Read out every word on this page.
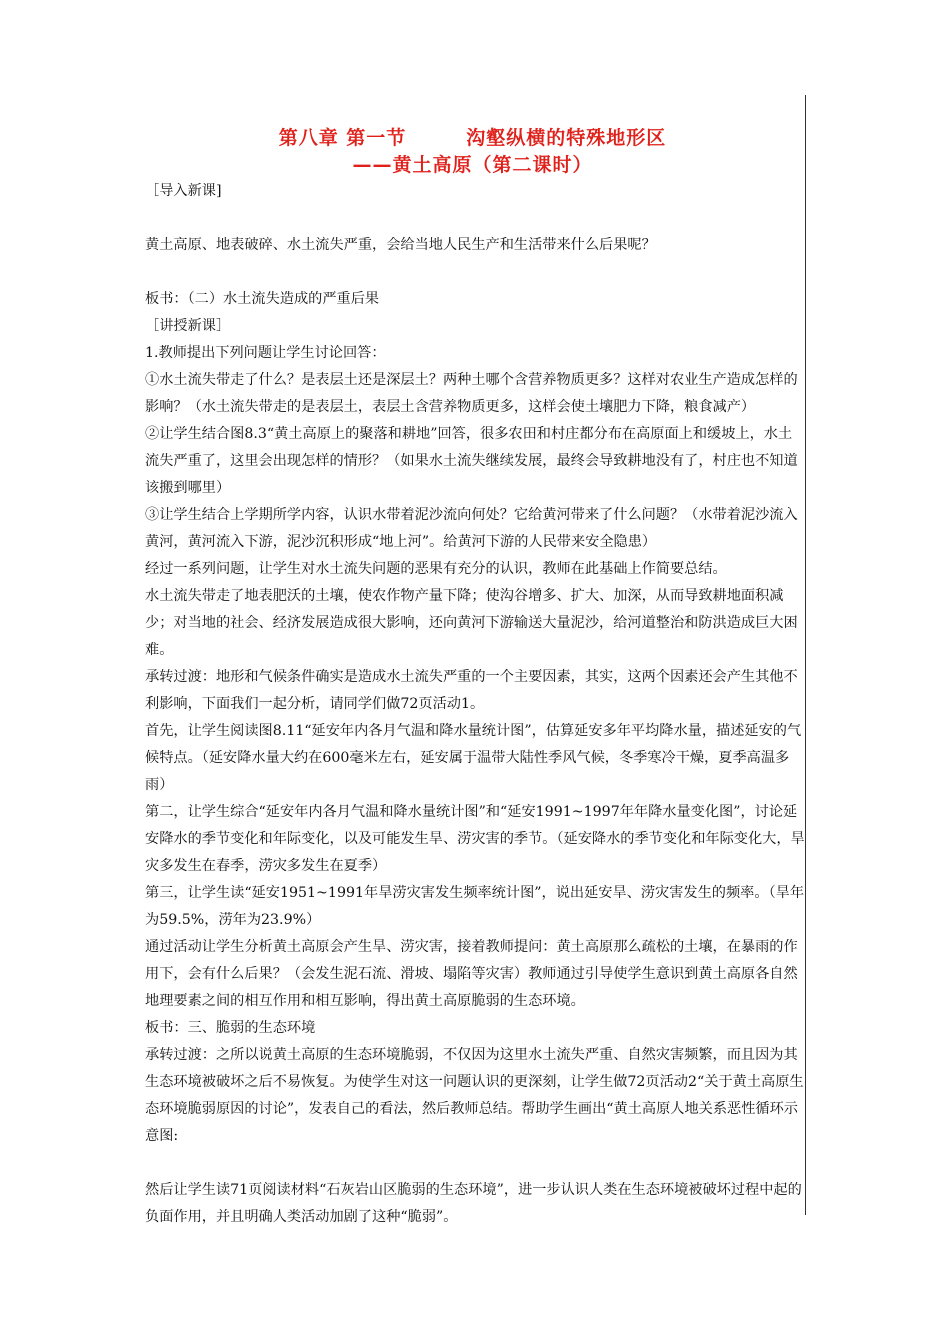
第八章 第一节　　　沟壑纵横的特殊地形区
——黄土高原（第二课时）

［导入新课]

黄土高原、地表破碎、水土流失严重，会给当地人民生产和生活带来什么后果呢？

板书：（二）水土流失造成的严重后果

［讲授新课］

1.教师提出下列问题让学生讨论回答：

①水土流失带走了什么？是表层土还是深层土？两种土哪个含营养物质更多？这样对农业生产造成怎样的影响？（水土流失带走的是表层土，表层土含营养物质更多，这样会使土壤肥力下降，粮食减产）

②让学生结合图8.3“黄土高原上的聚落和耕地”回答，很多农田和村庄都分布在高原面上和缓坡上，水土流失严重了，这里会出现怎样的情形？（如果水土流失继续发展，最终会导致耕地没有了，村庄也不知道该搬到哪里）

③让学生结合上学期所学内容，认识水带着泥沙流向何处？它给黄河带来了什么问题？（水带着泥沙流入黄河，黄河流入下游，泥沙沉积形成“地上河”。给黄河下游的人民带来安全隐患）

经过一系列问题，让学生对水土流失问题的恶果有充分的认识，教师在此基础上作简要总结。

水土流失带走了地表肥沃的土壤，使农作物产量下降；使沟谷增多、扩大、加深，从而导致耕地面积减少；对当地的社会、经济发展造成很大影响，还向黄河下游输送大量泥沙，给河道整治和防洪造成巨大困难。

承转过渡：地形和气候条件确实是造成水土流失严重的一个主要因素，其实，这两个因素还会产生其他不利影响，下面我们一起分析，请同学们做72页活动1。

首先，让学生阅读图8.11“延安年内各月气温和降水量统计图”，估算延安多年平均降水量，描述延安的气候特点。（延安降水量大约在600毫米左右，延安属于温带大陆性季风气候，冬季寒冷干燥，夏季高温多雨）

第二，让学生综合“延安年内各月气温和降水量统计图”和“延安1991~1997年年降水量变化图”，讨论延安降水的季节变化和年际变化，以及可能发生旱、涝灾害的季节。（延安降水的季节变化和年际变化大，旱灾多发生在春季，涝灾多发生在夏季）

第三，让学生读“延安1951~1991年旱涝灾害发生频率统计图”，说出延安旱、涝灾害发生的频率。（旱年为59.5%，涝年为23.9%）

通过活动让学生分析黄土高原会产生旱、涝灾害，接着教师提问：黄土高原那么疏松的土壤，在暴雨的作用下，会有什么后果？（会发生泥石流、滑坡、塌陷等灾害）教师通过引导使学生意识到黄土高原各自然地理要素之间的相互作用和相互影响，得出黄土高原脆弱的生态环境。

板书：三、脆弱的生态环境

承转过渡：之所以说黄土高原的生态环境脆弱，不仅因为这里水土流失严重、自然灾害频繁，而且因为其生态环境被破坏之后不易恢复。为使学生对这一问题认识的更深刻，让学生做72页活动2“关于黄土高原生态环境脆弱原因的讨论”，发表自己的看法，然后教师总结。帮助学生画出“黄土高原人地关系恶性循环示意图:

然后让学生读71页阅读材料“石灰岩山区脆弱的生态环境”，进一步认识人类在生态环境被破坏过程中起的负面作用，并且明确人类活动加剧了这种“脆弱”。
